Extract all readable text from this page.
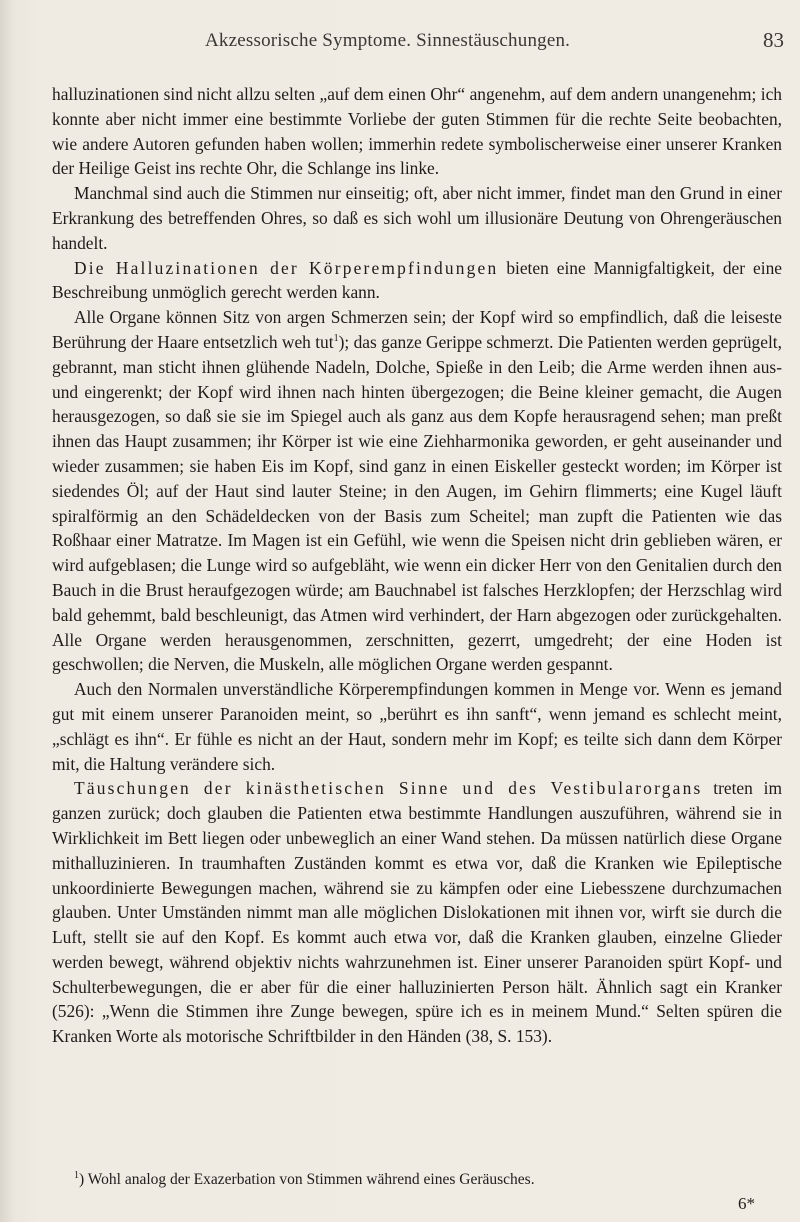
Akzessorische Symptome. Sinnestäuschungen.	83

halluzinationen sind nicht allzu selten „auf dem einen Ohr“ angenehm, auf dem andern unangenehm; ich konnte aber nicht immer eine bestimmte Vorliebe der guten Stimmen für die rechte Seite beobachten, wie andere Autoren gefunden haben wollen; immerhin redete symbolischerweise einer unserer Kranken der Heilige Geist ins rechte Ohr, die Schlange ins linke.

Manchmal sind auch die Stimmen nur einseitig; oft, aber nicht immer, findet man den Grund in einer Erkrankung des betreffenden Ohres, so daß es sich wohl um illusionäre Deutung von Ohrengeräuschen handelt.

Die Halluzinationen der Körperempfindungen bieten eine Mannigfaltigkeit, der eine Beschreibung unmöglich gerecht werden kann.

Alle Organe können Sitz von argen Schmerzen sein; der Kopf wird so empfindlich, daß die leiseste Berührung der Haare entsetzlich weh tut$^1$); das ganze Gerippe schmerzt. Die Patienten werden geprügelt, gebrannt, man sticht ihnen glühende Nadeln, Dolche, Spieße in den Leib; die Arme werden ihnen aus- und eingerenkt; der Kopf wird ihnen nach hinten übergezogen; die Beine kleiner gemacht, die Augen herausgezogen, so daß sie sie im Spiegel auch als ganz aus dem Kopfe herausragend sehen; man preßt ihnen das Haupt zusammen; ihr Körper ist wie eine Ziehharmonika geworden, er geht auseinander und wieder zusammen; sie haben Eis im Kopf, sind ganz in einen Eiskeller gesteckt worden; im Körper ist siedendes Öl; auf der Haut sind lauter Steine; in den Augen, im Gehirn flimmerts; eine Kugel läuft spiralförmig an den Schädeldecken von der Basis zum Scheitel; man zupft die Patienten wie das Roßhaar einer Matratze. Im Magen ist ein Gefühl, wie wenn die Speisen nicht drin geblieben wären, er wird aufgeblasen; die Lunge wird so aufgebläht, wie wenn ein dicker Herr von den Genitalien durch den Bauch in die Brust heraufgezogen würde; am Bauchnabel ist falsches Herzklopfen; der Herzschlag wird bald gehemmt, bald beschleunigt, das Atmen wird verhindert, der Harn abgezogen oder zurückgehalten. Alle Organe werden herausgenommen, zerschnitten, gezerrt, umgedreht; der eine Hoden ist geschwollen; die Nerven, die Muskeln, alle möglichen Organe werden gespannt.

Auch den Normalen unverständliche Körperempfindungen kommen in Menge vor. Wenn es jemand gut mit einem unserer Paranoiden meint, so „berührt es ihn sanft“, wenn jemand es schlecht meint, „schlägt es ihn“. Er fühle es nicht an der Haut, sondern mehr im Kopf; es teilte sich dann dem Körper mit, die Haltung verändere sich.

Täuschungen der kinästhetischen Sinne und des Vestibularorgans treten im ganzen zurück; doch glauben die Patienten etwa bestimmte Handlungen auszuführen, während sie in Wirklichkeit im Bett liegen oder unbeweglich an einer Wand stehen. Da müssen natürlich diese Organe mithalluzinieren. In traumhaften Zuständen kommt es etwa vor, daß die Kranken wie Epileptische unkoordinierte Bewegungen machen, während sie zu kämpfen oder eine Liebesszene durchzumachen glauben. Unter Umständen nimmt man alle möglichen Dislokationen mit ihnen vor, wirft sie durch die Luft, stellt sie auf den Kopf. Es kommt auch etwa vor, daß die Kranken glauben, einzelne Glieder werden bewegt, während objektiv nichts wahrzunehmen ist. Einer unserer Paranoiden spürt Kopf- und Schulterbewegungen, die er aber für die einer halluzinierten Person hält. Ähnlich sagt ein Kranker (526): „Wenn die Stimmen ihre Zunge bewegen, spüre ich es in meinem Mund.“ Selten spüren die Kranken Worte als motorische Schriftbilder in den Händen (38, S. 153).

$^1$) Wohl analog der Exazerbation von Stimmen während eines Geräusches.
6*
